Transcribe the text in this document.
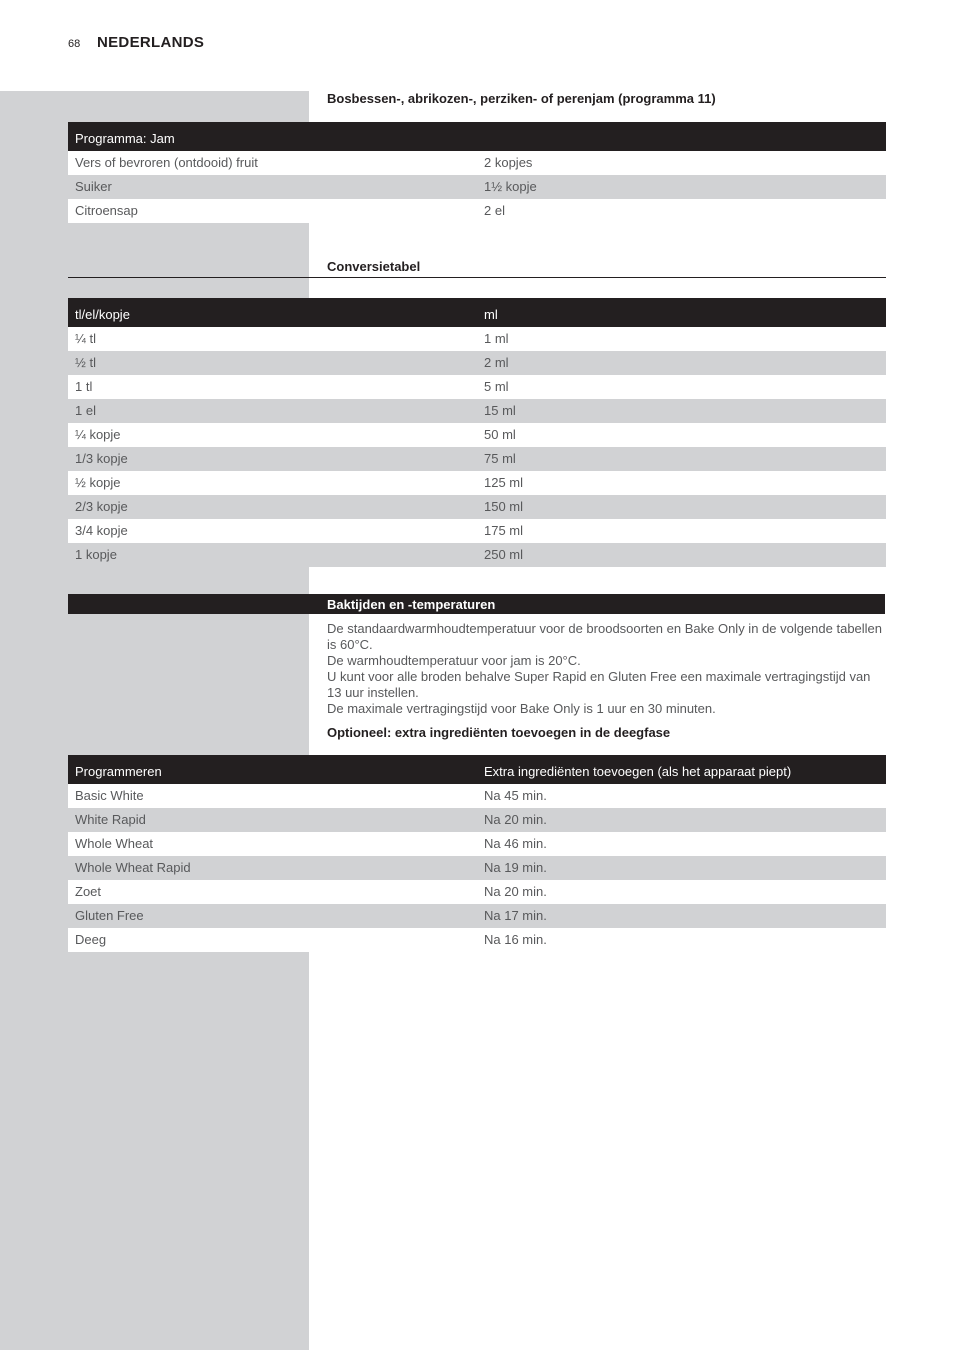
68 NEDERLANDS
Bosbessen-, abrikozen-, perziken- of perenjam (programma 11)
Programma: Jam
Vers of bevroren (ontdooid) fruit	2 kopjes
Suiker	1½ kopje
Citroensap	2 el
Conversietabel
tl/el/kopje	ml
¼ tl	1 ml
½ tl	2 ml
1 tl	5 ml
1 el	15 ml
¼ kopje	50 ml
1/3 kopje	75 ml
½ kopje	125 ml
2/3 kopje	150 ml
3/4 kopje	175 ml
1 kopje	250 ml
Baktijden en -temperaturen

De standaardwarmhoudtemperatuur voor de broodsoorten en Bake Only in de volgende tabellen is 60°C.

De warmhoudtemperatuur voor jam is 20°C.

U kunt voor alle broden behalve Super Rapid en Gluten Free een maximale vertragingstijd van 13 uur instellen.

De maximale vertragingstijd voor Bake Only is 1 uur en 30 minuten.

Optioneel: extra ingrediënten toevoegen in de deegfase

Programmeren	Extra ingrediënten toevoegen (als het apparaat piept)
Basic White	Na 45 min.
White Rapid	Na 20 min.
Whole Wheat	Na 46 min.
Whole Wheat Rapid	Na 19 min.
Zoet	Na 20 min.
Gluten Free	Na 17 min.
Deeg	Na 16 min.
